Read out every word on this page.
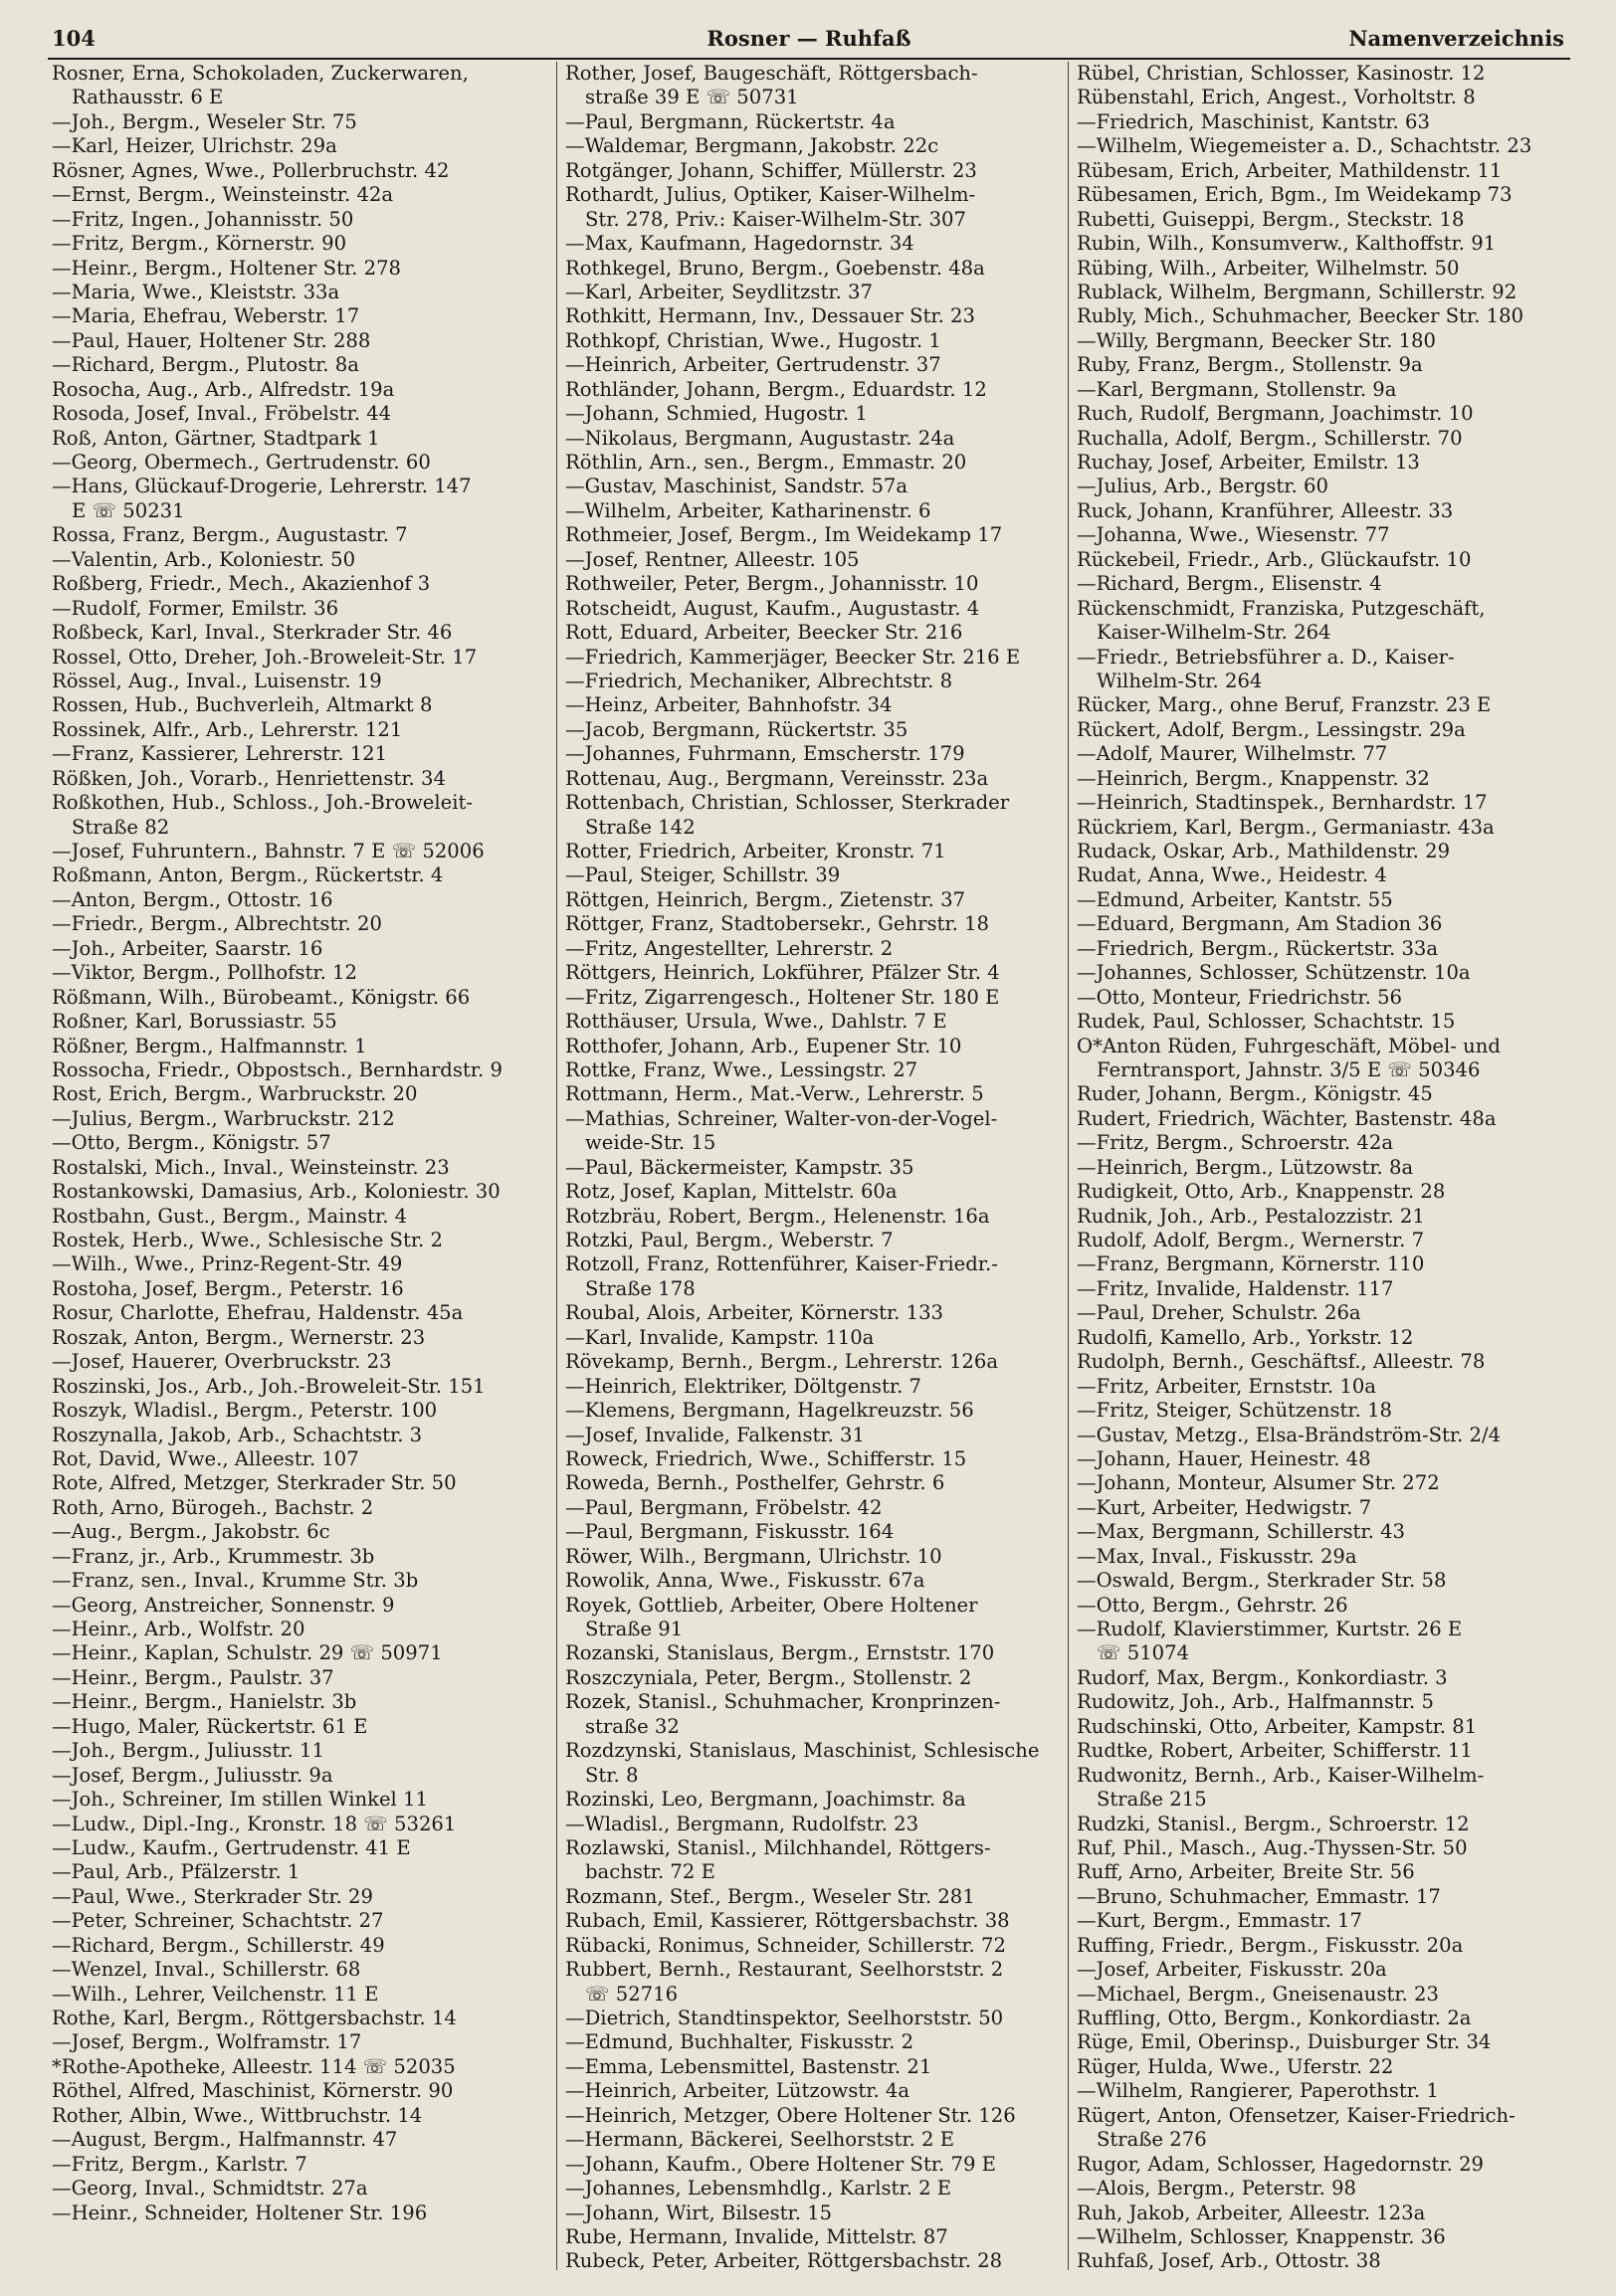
104	Rosner — Ruhfaß	Namenverzeichnis
Rosner, Erna, Schokoladen, Zuckerwaren,
Rathausstr. 6 E
—Joh., Bergm., Weseler Str. 75
—Karl, Heizer, Ulrichstr. 29a
Rösner, Agnes, Wwe., Pollerbruchstr. 42
—Ernst, Bergm., Weinsteinstr. 42a
—Fritz, Ingen., Johannisstr. 50
—Fritz, Bergm., Körnerstr. 90
—Heinr., Bergm., Holtener Str. 278
—Maria, Wwe., Kleiststr. 33a
—Maria, Ehefrau, Weberstr. 17
—Paul, Hauer, Holtener Str. 288
—Richard, Bergm., Plutostr. 8a
Rosocha, Aug., Arb., Alfredstr. 19a
Rosoda, Josef, Inval., Fröbelstr. 44
Roß, Anton, Gärtner, Stadtpark 1
—Georg, Obermech., Gertrudenstr. 60
—Hans, Glückauf-Drogerie, Lehrerstr. 147
E ☏ 50231
Rossa, Franz, Bergm., Augustastr. 7
—Valentin, Arb., Koloniestr. 50
Roßberg, Friedr., Mech., Akazienhof 3
—Rudolf, Former, Emilstr. 36
Roßbeck, Karl, Inval., Sterkrader Str. 46
Rossel, Otto, Dreher, Joh.-Broweleit-Str. 17
Rössel, Aug., Inval., Luisenstr. 19
Rossen, Hub., Buchverleih, Altmarkt 8
Rossinek, Alfr., Arb., Lehrerstr. 121
—Franz, Kassierer, Lehrerstr. 121
Rößken, Joh., Vorarb., Henriettenstr. 34
Roßkothen, Hub., Schloss., Joh.-Broweleit-
Straße 82
—Josef, Fuhruntern., Bahnstr. 7 E ☏ 52006
Roßmann, Anton, Bergm., Rückertstr. 4
—Anton, Bergm., Ottostr. 16
—Friedr., Bergm., Albrechtstr. 20
—Joh., Arbeiter, Saarstr. 16
—Viktor, Bergm., Pollhofstr. 12
Rößmann, Wilh., Bürobeamt., Königstr. 66
Roßner, Karl, Borussiastr. 55
Rößner, Bergm., Halfmannstr. 1
Rossocha, Friedr., Obpostsch., Bernhardstr. 9
Rost, Erich, Bergm., Warbruckstr. 20
—Julius, Bergm., Warbruckstr. 212
—Otto, Bergm., Königstr. 57
Rostalski, Mich., Inval., Weinsteinstr. 23
Rostankowski, Damasius, Arb., Koloniestr. 30
Rostbahn, Gust., Bergm., Mainstr. 4
Rostek, Herb., Wwe., Schlesische Str. 2
—Wilh., Wwe., Prinz-Regent-Str. 49
Rostoha, Josef, Bergm., Peterstr. 16
Rosur, Charlotte, Ehefrau, Haldenstr. 45a
Roszak, Anton, Bergm., Wernerstr. 23
—Josef, Hauerer, Overbruckstr. 23
Roszinski, Jos., Arb., Joh.-Broweleit-Str. 151
Roszyk, Wladisl., Bergm., Peterstr. 100
Roszynalla, Jakob, Arb., Schachtstr. 3
Rot, David, Wwe., Alleestr. 107
Rote, Alfred, Metzger, Sterkrader Str. 50
Roth, Arno, Bürogeh., Bachstr. 2
—Aug., Bergm., Jakobstr. 6c
—Franz, jr., Arb., Krummestr. 3b
—Franz, sen., Inval., Krumme Str. 3b
—Georg, Anstreicher, Sonnenstr. 9
—Heinr., Arb., Wolfstr. 20
—Heinr., Kaplan, Schulstr. 29 ☏ 50971
—Heinr., Bergm., Paulstr. 37
—Heinr., Bergm., Hanielstr. 3b
—Hugo, Maler, Rückertstr. 61 E
—Joh., Bergm., Juliusstr. 11
—Josef, Bergm., Juliusstr. 9a
—Joh., Schreiner, Im stillen Winkel 11
—Ludw., Dipl.-Ing., Kronstr. 18 ☏ 53261
—Ludw., Kaufm., Gertrudenstr. 41 E
—Paul, Arb., Pfälzerstr. 1
—Paul, Wwe., Sterkrader Str. 29
—Peter, Schreiner, Schachtstr. 27
—Richard, Bergm., Schillerstr. 49
—Wenzel, Inval., Schillerstr. 68
—Wilh., Lehrer, Veilchenstr. 11 E
Rothe, Karl, Bergm., Röttgersbachstr. 14
—Josef, Bergm., Wolframstr. 17
*Rothe-Apotheke, Alleestr. 114 ☏ 52035
Röthel, Alfred, Maschinist, Körnerstr. 90
Rother, Albin, Wwe., Wittbruchstr. 14
—August, Bergm., Halfmannstr. 47
—Fritz, Bergm., Karlstr. 7
—Georg, Inval., Schmidtstr. 27a
—Heinr., Schneider, Holtener Str. 196
Rother, Josef, Baugeschäft, Röttgersbach-
straße 39 E ☏ 50731
—Paul, Bergmann, Rückertstr. 4a
—Waldemar, Bergmann, Jakobstr. 22c
Rotgänger, Johann, Schiffer, Müllerstr. 23
Rothardt, Julius, Optiker, Kaiser-Wilhelm-
Str. 278, Priv.: Kaiser-Wilhelm-Str. 307
—Max, Kaufmann, Hagedornstr. 34
Rothkegel, Bruno, Bergm., Goebenstr. 48a
—Karl, Arbeiter, Seydlitzstr. 37
Rothkitt, Hermann, Inv., Dessauer Str. 23
Rothkopf, Christian, Wwe., Hugostr. 1
—Heinrich, Arbeiter, Gertrudenstr. 37
Rothländer, Johann, Bergm., Eduardstr. 12
—Johann, Schmied, Hugostr. 1
—Nikolaus, Bergmann, Augustastr. 24a
Röthlin, Arn., sen., Bergm., Emmastr. 20
—Gustav, Maschinist, Sandstr. 57a
—Wilhelm, Arbeiter, Katharinenstr. 6
Rothmeier, Josef, Bergm., Im Weidekamp 17
—Josef, Rentner, Alleestr. 105
Rothweiler, Peter, Bergm., Johannisstr. 10
Rotscheidt, August, Kaufm., Augustastr. 4
Rott, Eduard, Arbeiter, Beecker Str. 216
—Friedrich, Kammerjäger, Beecker Str. 216 E
—Friedrich, Mechaniker, Albrechtstr. 8
—Heinz, Arbeiter, Bahnhofstr. 34
—Jacob, Bergmann, Rückertstr. 35
—Johannes, Fuhrmann, Emscherstr. 179
Rottenau, Aug., Bergmann, Vereinsstr. 23a
Rottenbach, Christian, Schlosser, Sterkrader
Straße 142
Rotter, Friedrich, Arbeiter, Kronstr. 71
—Paul, Steiger, Schillstr. 39
Röttgen, Heinrich, Bergm., Zietenstr. 37
Röttger, Franz, Stadtobersekr., Gehrstr. 18
—Fritz, Angestellter, Lehrerstr. 2
Röttgers, Heinrich, Lokführer, Pfälzer Str. 4
—Fritz, Zigarrengesch., Holtener Str. 180 E
Rotthäuser, Ursula, Wwe., Dahlstr. 7 E
Rotthofer, Johann, Arb., Eupener Str. 10
Rottke, Franz, Wwe., Lessingstr. 27
Rottmann, Herm., Mat.-Verw., Lehrerstr. 5
—Mathias, Schreiner, Walter-von-der-Vogel-
weide-Str. 15
—Paul, Bäckermeister, Kampstr. 35
Rotz, Josef, Kaplan, Mittelstr. 60a
Rotzbräu, Robert, Bergm., Helenenstr. 16a
Rotzki, Paul, Bergm., Weberstr. 7
Rotzoll, Franz, Rottenführer, Kaiser-Friedr.-
Straße 178
Roubal, Alois, Arbeiter, Körnerstr. 133
—Karl, Invalide, Kampstr. 110a
Rövekamp, Bernh., Bergm., Lehrerstr. 126a
—Heinrich, Elektriker, Döltgenstr. 7
—Klemens, Bergmann, Hagelkreuzstr. 56
—Josef, Invalide, Falkenstr. 31
Roweck, Friedrich, Wwe., Schifferstr. 15
Roweda, Bernh., Posthelfer, Gehrstr. 6
—Paul, Bergmann, Fröbelstr. 42
—Paul, Bergmann, Fiskusstr. 164
Röwer, Wilh., Bergmann, Ulrichstr. 10
Rowolik, Anna, Wwe., Fiskusstr. 67a
Royek, Gottlieb, Arbeiter, Obere Holtener
Straße 91
Rozanski, Stanislaus, Bergm., Ernststr. 170
Roszczyniala, Peter, Bergm., Stollenstr. 2
Rozek, Stanisl., Schuhmacher, Kronprinzen-
straße 32
Rozdzynski, Stanislaus, Maschinist, Schlesische
Str. 8
Rozinski, Leo, Bergmann, Joachimstr. 8a
—Wladisl., Bergmann, Rudolfstr. 23
Rozlawski, Stanisl., Milchhandel, Röttgers-
bachstr. 72 E
Rozmann, Stef., Bergm., Weseler Str. 281
Rubach, Emil, Kassierer, Röttgersbachstr. 38
Rübacki, Ronimus, Schneider, Schillerstr. 72
Rubbert, Bernh., Restaurant, Seelhorststr. 2
☏ 52716
—Dietrich, Standtinspektor, Seelhorststr. 50
—Edmund, Buchhalter, Fiskusstr. 2
—Emma, Lebensmittel, Bastenstr. 21
—Heinrich, Arbeiter, Lützowstr. 4a
—Heinrich, Metzger, Obere Holtener Str. 126
—Hermann, Bäckerei, Seelhorststr. 2 E
—Johann, Kaufm., Obere Holtener Str. 79 E
—Johannes, Lebensmhdlg., Karlstr. 2 E
—Johann, Wirt, Bilsestr. 15
Rube, Hermann, Invalide, Mittelstr. 87
Rubeck, Peter, Arbeiter, Röttgersbachstr. 28
Rübel, Christian, Schlosser, Kasinostr. 12
Rübenstahl, Erich, Angest., Vorholtstr. 8
—Friedrich, Maschinist, Kantstr. 63
—Wilhelm, Wiegemeister a. D., Schachtstr. 23
Rübesam, Erich, Arbeiter, Mathildenstr. 11
Rübesamen, Erich, Bgm., Im Weidekamp 73
Rubetti, Guiseppi, Bergm., Steckstr. 18
Rubin, Wilh., Konsumverw., Kalthoffstr. 91
Rübing, Wilh., Arbeiter, Wilhelmstr. 50
Rublack, Wilhelm, Bergmann, Schillerstr. 92
Rubly, Mich., Schuhmacher, Beecker Str. 180
—Willy, Bergmann, Beecker Str. 180
Ruby, Franz, Bergm., Stollenstr. 9a
—Karl, Bergmann, Stollenstr. 9a
Ruch, Rudolf, Bergmann, Joachimstr. 10
Ruchalla, Adolf, Bergm., Schillerstr. 70
Ruchay, Josef, Arbeiter, Emilstr. 13
—Julius, Arb., Bergstr. 60
Ruck, Johann, Kranführer, Alleestr. 33
—Johanna, Wwe., Wiesenstr. 77
Rückebeil, Friedr., Arb., Glückaufstr. 10
—Richard, Bergm., Elisenstr. 4
Rückenschmidt, Franziska, Putzgeschäft,
Kaiser-Wilhelm-Str. 264
—Friedr., Betriebsführer a. D., Kaiser-
Wilhelm-Str. 264
Rücker, Marg., ohne Beruf, Franzstr. 23 E
Rückert, Adolf, Bergm., Lessingstr. 29a
—Adolf, Maurer, Wilhelmstr. 77
—Heinrich, Bergm., Knappenstr. 32
—Heinrich, Stadtinspek., Bernhardstr. 17
Rückriem, Karl, Bergm., Germaniastr. 43a
Rudack, Oskar, Arb., Mathildenstr. 29
Rudat, Anna, Wwe., Heidestr. 4
—Edmund, Arbeiter, Kantstr. 55
—Eduard, Bergmann, Am Stadion 36
—Friedrich, Bergm., Rückertstr. 33a
—Johannes, Schlosser, Schützenstr. 10a
—Otto, Monteur, Friedrichstr. 56
Rudek, Paul, Schlosser, Schachtstr. 15
O*Anton Rüden, Fuhrgeschäft, Möbel- und
Ferntransport, Jahnstr. 3/5 E ☏ 50346
Ruder, Johann, Bergm., Königstr. 45
Rudert, Friedrich, Wächter, Bastenstr. 48a
—Fritz, Bergm., Schroerstr. 42a
—Heinrich, Bergm., Lützowstr. 8a
Rudigkeit, Otto, Arb., Knappenstr. 28
Rudnik, Joh., Arb., Pestalozzistr. 21
Rudolf, Adolf, Bergm., Wernerstr. 7
—Franz, Bergmann, Körnerstr. 110
—Fritz, Invalide, Haldenstr. 117
—Paul, Dreher, Schulstr. 26a
Rudolfi, Kamello, Arb., Yorkstr. 12
Rudolph, Bernh., Geschäftsf., Alleestr. 78
—Fritz, Arbeiter, Ernststr. 10a
—Fritz, Steiger, Schützenstr. 18
—Gustav, Metzg., Elsa-Brändström-Str. 2/4
—Johann, Hauer, Heinestr. 48
—Johann, Monteur, Alsumer Str. 272
—Kurt, Arbeiter, Hedwigstr. 7
—Max, Bergmann, Schillerstr. 43
—Max, Inval., Fiskusstr. 29a
—Oswald, Bergm., Sterkrader Str. 58
—Otto, Bergm., Gehrstr. 26
—Rudolf, Klavierstimmer, Kurtstr. 26 E
☏ 51074
Rudorf, Max, Bergm., Konkordiastr. 3
Rudowitz, Joh., Arb., Halfmannstr. 5
Rudschinski, Otto, Arbeiter, Kampstr. 81
Rudtke, Robert, Arbeiter, Schifferstr. 11
Rudwonitz, Bernh., Arb., Kaiser-Wilhelm-
Straße 215
Rudzki, Stanisl., Bergm., Schroerstr. 12
Ruf, Phil., Masch., Aug.-Thyssen-Str. 50
Ruff, Arno, Arbeiter, Breite Str. 56
—Bruno, Schuhmacher, Emmastr. 17
—Kurt, Bergm., Emmastr. 17
Ruffing, Friedr., Bergm., Fiskusstr. 20a
—Josef, Arbeiter, Fiskusstr. 20a
—Michael, Bergm., Gneisenaustr. 23
Ruffling, Otto, Bergm., Konkordiastr. 2a
Rüge, Emil, Oberinsp., Duisburger Str. 34
Rüger, Hulda, Wwe., Uferstr. 22
—Wilhelm, Rangierer, Paperothstr. 1
Rügert, Anton, Ofensetzer, Kaiser-Friedrich-
Straße 276
Rugor, Adam, Schlosser, Hagedornstr. 29
—Alois, Bergm., Peterstr. 98
Ruh, Jakob, Arbeiter, Alleestr. 123a
—Wilhelm, Schlosser, Knappenstr. 36
Ruhfaß, Josef, Arb., Ottostr. 38
